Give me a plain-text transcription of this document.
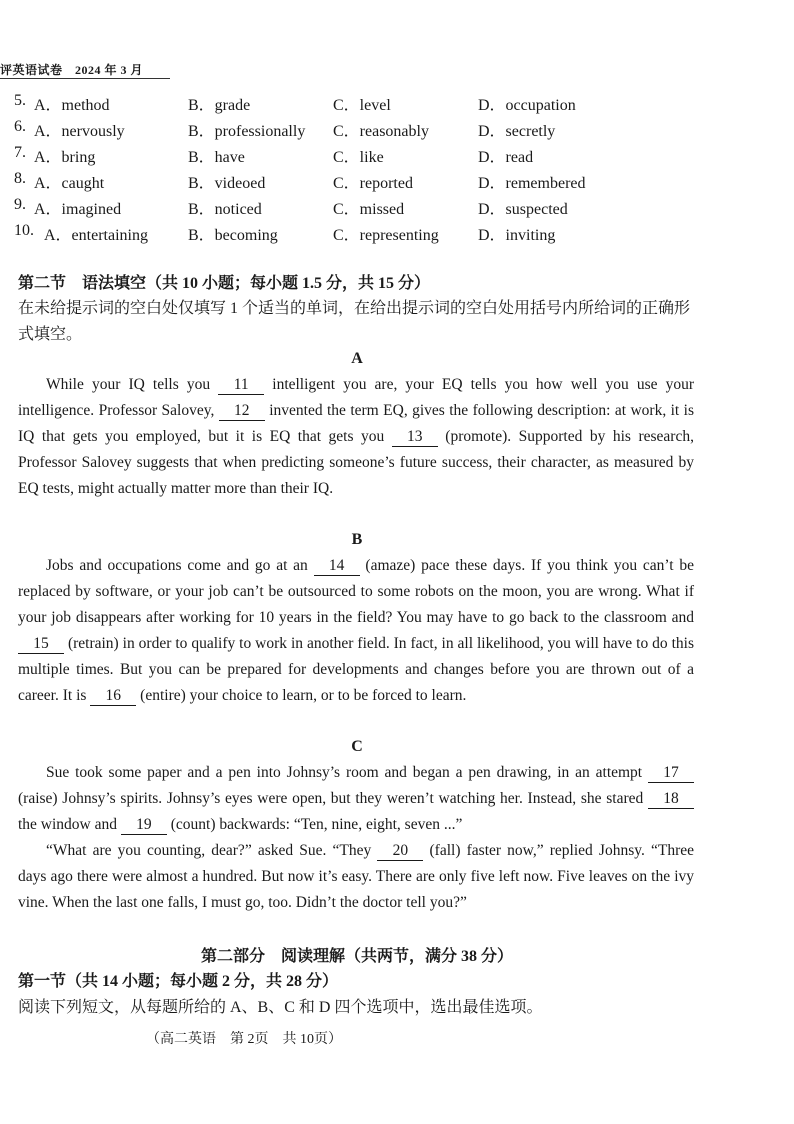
评英语试卷　2024 年 3 月
5. A．method	B．grade	C．level	D．occupation
6. A．nervously	B．professionally C．reasonably	D．secretly
7. A．bring	B．have	C．like	D．read
8. A．caught	B．videoed	C．reported	D．remembered
9. A．imagined	B．noticed	C．missed	D．suspected
10. A．entertaining	B．becoming	C．representing D．inviting
第二节　语法填空（共 10 小题；每小题 1.5 分，共 15 分）
在未给提示词的空白处仅填写 1 个适当的单词，在给出提示词的空白处用括号内所给词的正确形式填空。
A
While your IQ tells you 11 intelligent you are, your EQ tells you how well you use your intelligence. Professor Salovey, 12 invented the term EQ, gives the following description: at work, it is IQ that gets you employed, but it is EQ that gets you 13 (promote). Supported by his research, Professor Salovey suggests that when predicting someone’s future success, their character, as measured by EQ tests, might actually matter more than their IQ.
B
Jobs and occupations come and go at an 14 (amaze) pace these days. If you think you can’t be replaced by software, or your job can’t be outsourced to some robots on the moon, you are wrong. What if your job disappears after working for 10 years in the field? You may have to go back to the classroom and 15 (retrain) in order to qualify to work in another field. In fact, in all likelihood, you will have to do this multiple times. But you can be prepared for developments and changes before you are thrown out of a career. It is 16 (entire) your choice to learn, or to be forced to learn.
C
Sue took some paper and a pen into Johnsy’s room and began a pen drawing, in an attempt 17 (raise) Johnsy’s spirits. Johnsy’s eyes were open, but they weren’t watching her. Instead, she stared 18 the window and 19 (count) backwards: “Ten, nine, eight, seven ...”
“What are you counting, dear?” asked Sue. “They 20 (fall) faster now,” replied Johnsy. “Three days ago there were almost a hundred. But now it’s easy. There are only five left now. Five leaves on the ivy vine. When the last one falls, I must go, too. Didn’t the doctor tell you?”
第二部分　阅读理解（共两节，满分 38 分）
第一节（共 14 小题；每小题 2 分，共 28 分）
阅读下列短文，从每题所给的 A、B、C 和 D 四个选项中，选出最佳选项。
（高二英语　第 2页　共 10页）
